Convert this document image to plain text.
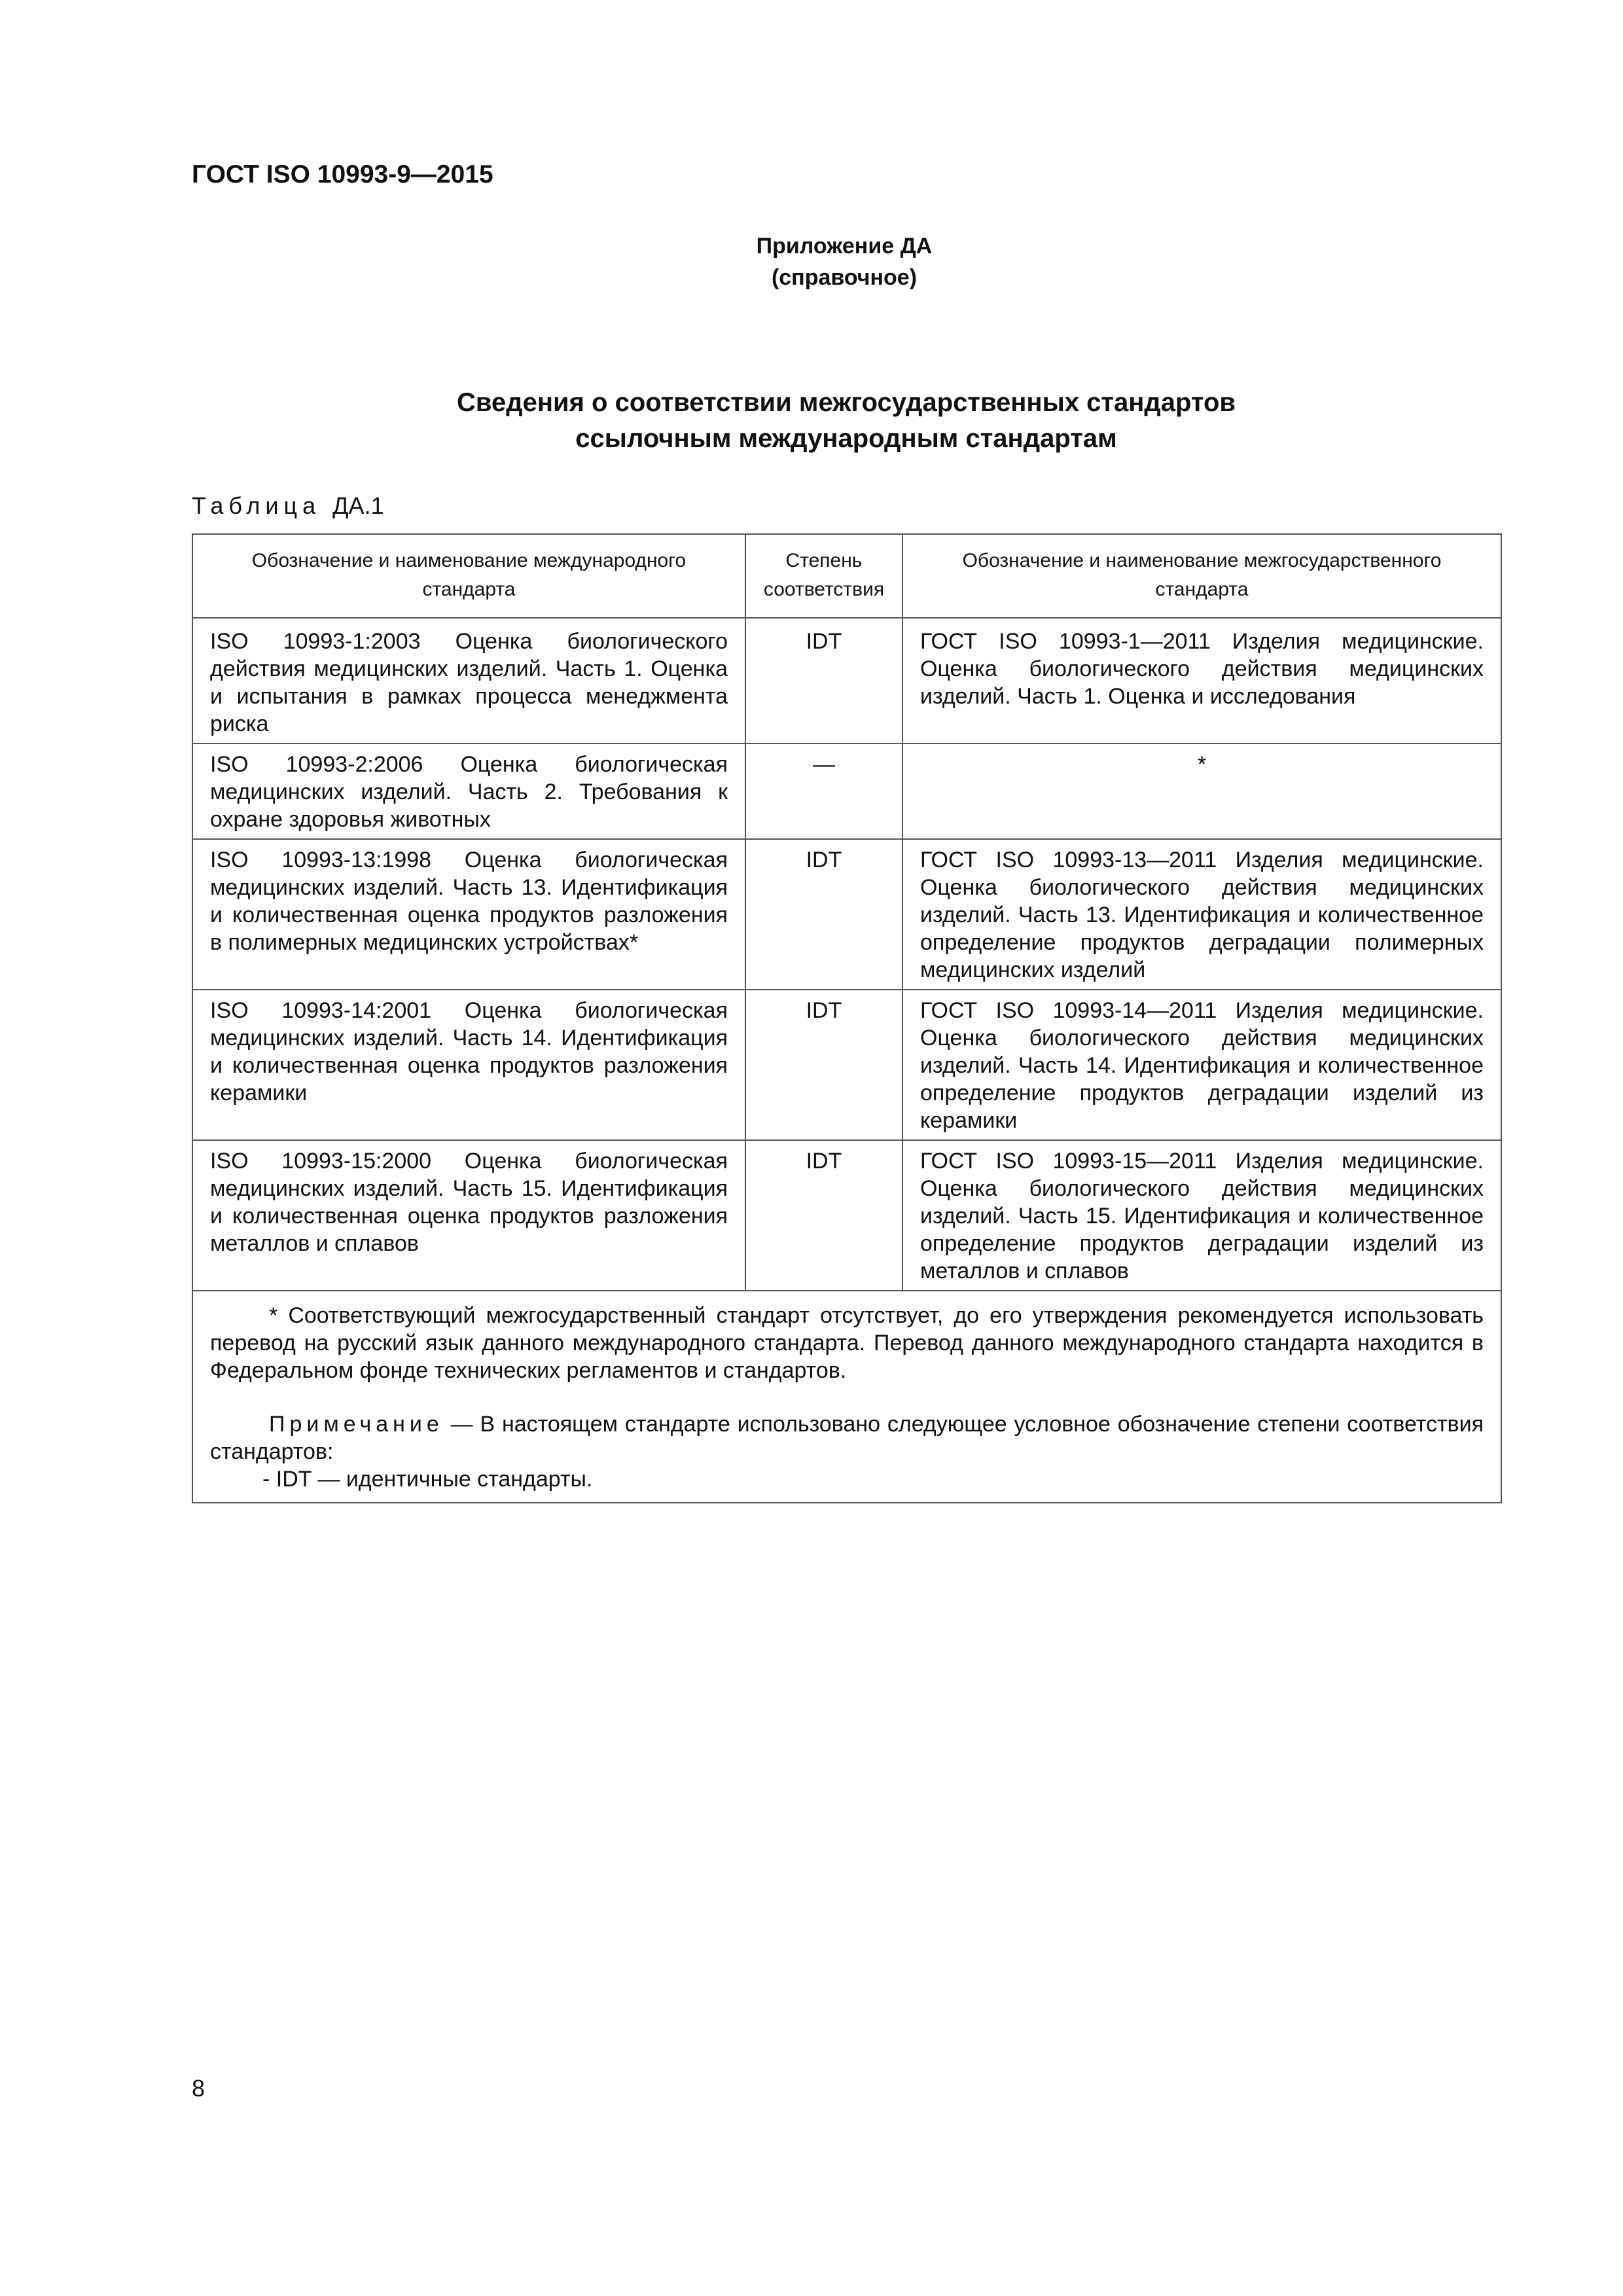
ГОСТ ISO 10993-9—2015
Приложение ДА
(справочное)
Сведения о соответствии межгосударственных стандартов
ссылочным международным стандартам
Таблица ДА.1
Обозначение и наименование международного стандарта	Степень соответствия	Обозначение и наименование межгосударственного стандарта
ISO 10993-1:2003 Оценка биологического действия медицинских изделий. Часть 1. Оценка и испытания в рамках процесса менеджмента риска	IDT	ГОСТ ISO 10993-1—2011 Изделия медицинские. Оценка биологического действия медицинских изделий. Часть 1. Оценка и исследования
ISO 10993-2:2006 Оценка биологическая медицинских изделий. Часть 2. Требования к охране здоровья животных	—	*
ISO 10993-13:1998 Оценка биологическая медицинских изделий. Часть 13. Идентификация и количественная оценка продуктов разложения в полимерных медицинских устройствах*	IDT	ГОСТ ISO 10993-13—2011 Изделия медицинские. Оценка биологического действия медицинских изделий. Часть 13. Идентификация и количественное определение продуктов деградации полимерных медицинских изделий
ISO 10993-14:2001 Оценка биологическая медицинских изделий. Часть 14. Идентификация и количественная оценка продуктов разложения керамики	IDT	ГОСТ ISO 10993-14—2011 Изделия медицинские. Оценка биологического действия медицинских изделий. Часть 14. Идентификация и количественное определение продуктов деградации изделий из керамики
ISO 10993-15:2000 Оценка биологическая медицинских изделий. Часть 15. Идентификация и количественная оценка продуктов разложения металлов и сплавов	IDT	ГОСТ ISO 10993-15—2011 Изделия медицинские. Оценка биологического действия медицинских изделий. Часть 15. Идентификация и количественное определение продуктов деградации изделий из металлов и сплавов

* Соответствующий межгосударственный стандарт отсутствует, до его утверждения рекомендуется использовать перевод на русский язык данного международного стандарта. Перевод данного международного стандарта находится в Федеральном фонде технических регламентов и стандартов.

Примечание — В настоящем стандарте использовано следующее условное обозначение степени соответствия стандартов:

- IDT — идентичные стандарты.		

8
